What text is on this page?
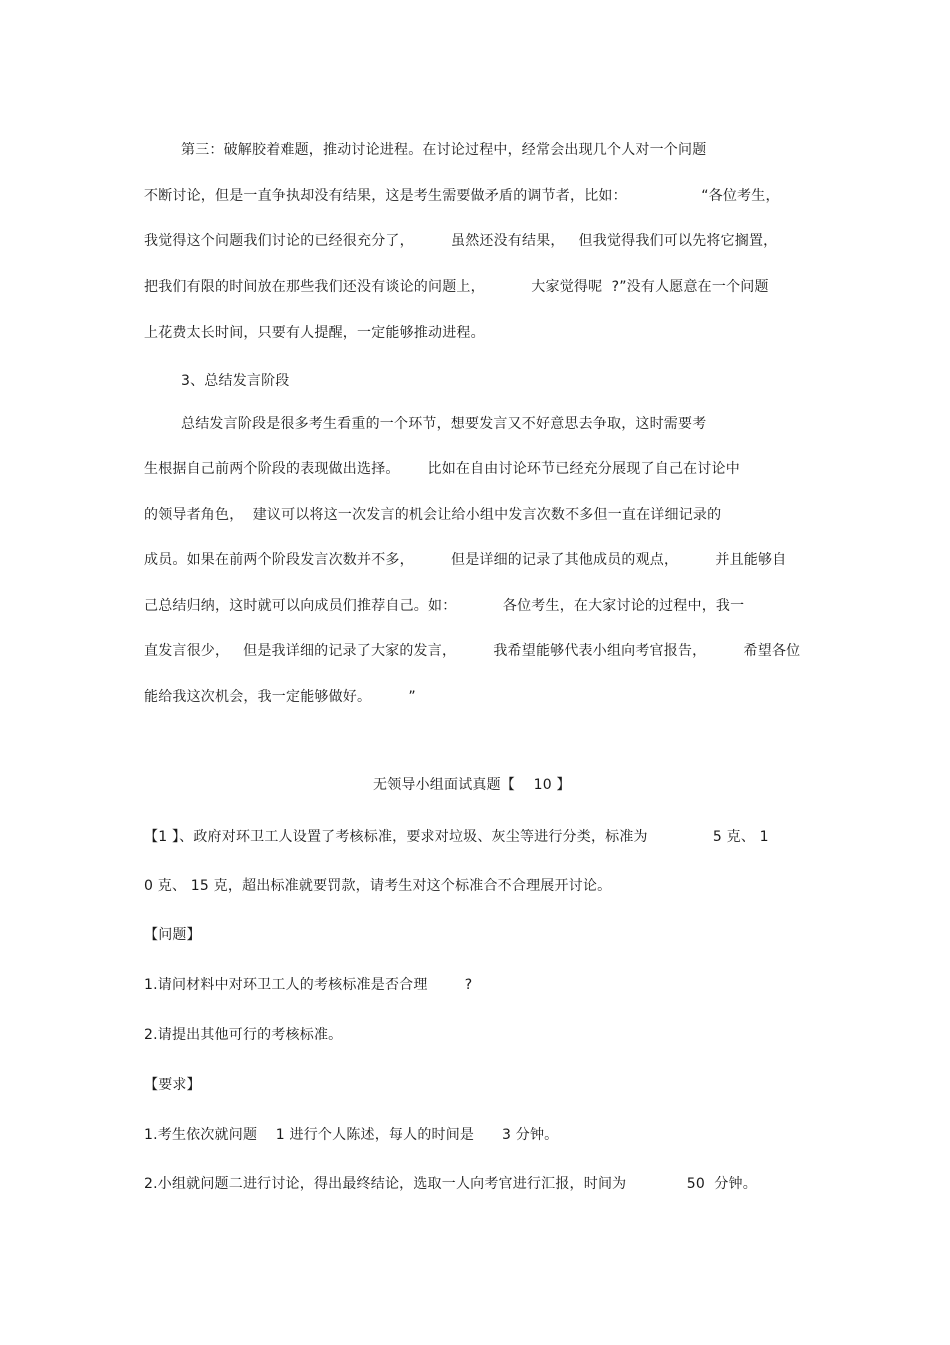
第三：破解胶着难题，推动讨论进程。在讨论过程中，经常会出现几个人对一个问题
不断讨论，但是一直争执却没有结果，这是考生需要做矛盾的调节者，比如：                “各位考生，
我觉得这个问题我们讨论的已经很充分了，        虽然还没有结果，   但我觉得我们可以先将它搁置，
把我们有限的时间放在那些我们还没有谈论的问题上，          大家觉得呢  ?”没有人愿意在一个问题
上花费太长时间，只要有人提醒，一定能够推动进程。
3、总结发言阶段
总结发言阶段是很多考生看重的一个环节，想要发言又不好意思去争取，这时需要考
生根据自己前两个阶段的表现做出选择。      比如在自由讨论环节已经充分展现了自己在讨论中
的领导者角色，  建议可以将这一次发言的机会让给小组中发言次数不多但一直在详细记录的
成员。如果在前两个阶段发言次数并不多，        但是详细的记录了其他成员的观点，        并且能够自
己总结归纳，这时就可以向成员们推荐自己。如：          各位考生，在大家讨论的过程中，我一
直发言很少，   但是我详细的记录了大家的发言，        我希望能够代表小组向考官报告，        希望各位
能给我这次机会，我一定能够做好。        ”
无领导小组面试真题【    10 】
【1 】、政府对环卫工人设置了考核标准，要求对垃圾、灰尘等进行分类，标准为              5 克、 1
0 克、 15 克，超出标准就要罚款，请考生对这个标准合不合理展开讨论。
【问题】
1.请问材料中对环卫工人的考核标准是否合理        ?
2.请提出其他可行的考核标准。
【要求】
1.考生依次就问题    1 进行个人陈述，每人的时间是      3 分钟。
2.小组就问题二进行讨论，得出最终结论，选取一人向考官进行汇报，时间为             50  分钟。
